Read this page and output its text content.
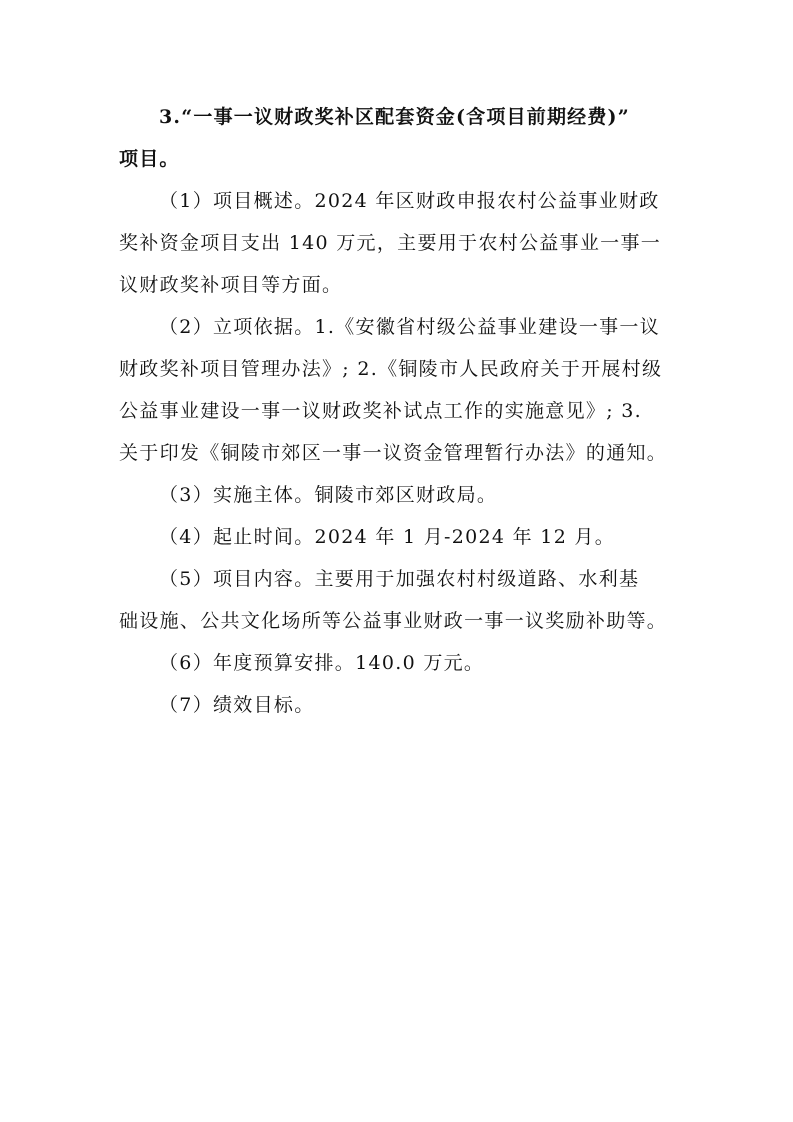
3.“一事一议财政奖补区配套资金(含项目前期经费)”
项目。
（1）项目概述。2024 年区财政申报农村公益事业财政
奖补资金项目支出 140 万元，主要用于农村公益事业一事一
议财政奖补项目等方面。
（2）立项依据。1.《安徽省村级公益事业建设一事一议
财政奖补项目管理办法》; 2.《铜陵市人民政府关于开展村级
公益事业建设一事一议财政奖补试点工作的实施意见》; 3.
关于印发《铜陵市郊区一事一议资金管理暂行办法》的通知。
（3）实施主体。铜陵市郊区财政局。
（4）起止时间。2024 年 1 月-2024 年 12 月。
（5）项目内容。主要用于加强农村村级道路、水利基
础设施、公共文化场所等公益事业财政一事一议奖励补助等。
（6）年度预算安排。140.0 万元。
（7）绩效目标。
